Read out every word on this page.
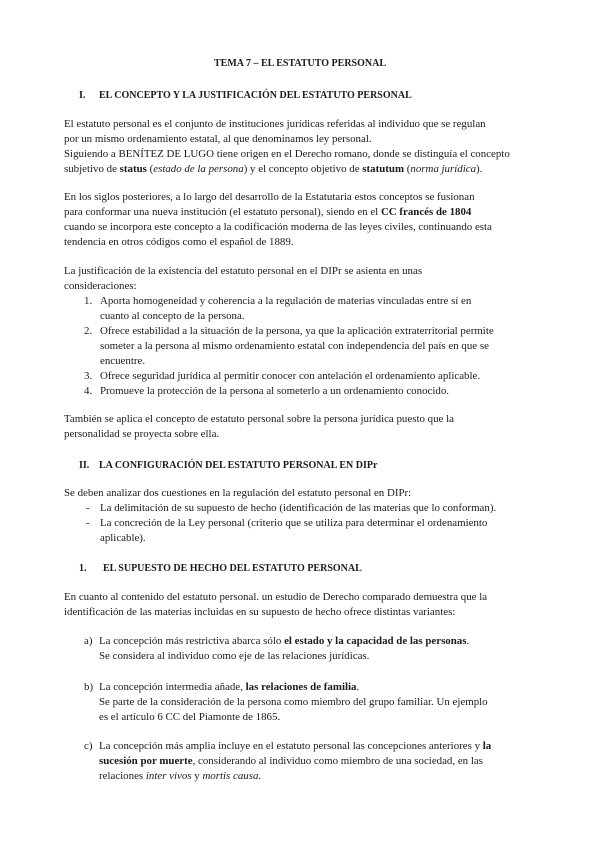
TEMA 7 – EL ESTATUTO PERSONAL

I. EL CONCEPTO Y LA JUSTIFICACIÓN DEL ESTATUTO PERSONAL

El estatuto personal es el conjunto de instituciones jurídicas referidas al individuo que se regulan
por un mismo ordenamiento estatal, al que denominamos ley personal.
Siguiendo a BENÍTEZ DE LUGO tiene origen en el Derecho romano, donde se distinguía el concepto
subjetivo de status (estado de la persona) y el concepto objetivo de statutum (norma jurídica).
En los siglos posteriores, a lo largo del desarrollo de la Estatutaria estos conceptos se fusionan
para conformar una nueva institución (el estatuto personal), siendo en el CC francés de 1804
cuando se incorpora este concepto a la codificación moderna de las leyes civiles, continuando esta
tendencia en otros códigos como el español de 1889.
La justificación de la existencia del estatuto personal en el DIPr se asienta en unas
consideraciones:
1. Aporta homogeneidad y coherencia a la regulación de materias vinculadas entre sí en
cuanto al concepto de la persona.
2. Ofrece estabilidad a la situación de la persona, ya que la aplicación extraterritorial permite
someter a la persona al mismo ordenamiento estatal con independencia del país en que se
encuentre.
3. Ofrece seguridad jurídica al permitir conocer con antelación el ordenamiento aplicable.
4. Promueve la protección de la persona al someterlo a un ordenamiento conocido.
También se aplica el concepto de estatuto personal sobre la persona jurídica puesto que la
personalidad se proyecta sobre ella.

II. LA CONFIGURACIÓN DEL ESTATUTO PERSONAL EN DIPr

Se deben analizar dos cuestiones en la regulación del estatuto personal en DIPr:
- La delimitación de su supuesto de hecho (identificación de las materias que lo conforman).
- La concreción de la Ley personal (criterio que se utiliza para determinar el ordenamiento
aplicable).

1. EL SUPUESTO DE HECHO DEL ESTATUTO PERSONAL

En cuanto al contenido del estatuto personal. un estudio de Derecho comparado demuestra que la
identificación de las materias incluidas en su supuesto de hecho ofrece distintas variantes:
a) La concepción más restrictiva abarca sólo el estado y la capacidad de las personas.
Se considera al individuo como eje de las relaciones jurídicas.
b) La concepción intermedia añade, las relaciones de familia.
Se parte de la consideración de la persona como miembro del grupo familiar. Un ejemplo
es el artículo 6 CC del Piamonte de 1865.
c) La concepción más amplia incluye en el estatuto personal las concepciones anteriores y la
sucesión por muerte, considerando al individuo como miembro de una sociedad, en las
relaciones inter vivos y mortis causa.
